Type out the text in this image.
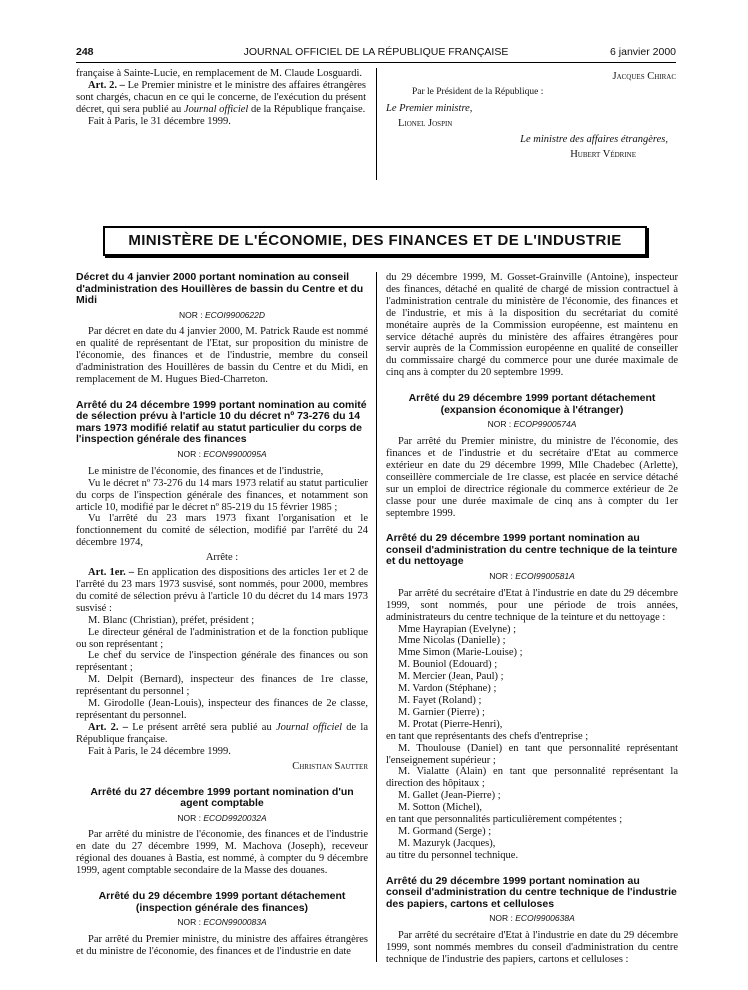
248	JOURNAL OFFICIEL DE LA RÉPUBLIQUE FRANÇAISE	6 janvier 2000

française à Sainte-Lucie, en remplacement de M. Claude Losguardi.

Art. 2. – Le Premier ministre et le ministre des affaires étrangères sont chargés, chacun en ce qui le concerne, de l'exécution du présent décret, qui sera publié au Journal officiel de la République française.

Fait à Paris, le 31 décembre 1999.

Jacques Chirac
Par le Président de la République :
Le Premier ministre,
Lionel Jospin
Le ministre des affaires étrangères,
Hubert Védrine
MINISTÈRE DE L'ÉCONOMIE, DES FINANCES ET DE L'INDUSTRIE
Décret du 4 janvier 2000 portant nomination au conseil d'administration des Houillères de bassin du Centre et du Midi
NOR : ECOI9900622D

Par décret en date du 4 janvier 2000, M. Patrick Raude est nommé en qualité de représentant de l'Etat, sur proposition du ministre de l'économie, des finances et de l'industrie, membre du conseil d'administration des Houillères de bassin du Centre et du Midi, en remplacement de M. Hugues Bied-Charreton.

Arrêté du 24 décembre 1999 portant nomination au comité de sélection prévu à l'article 10 du décret nº 73-276 du 14 mars 1973 modifié relatif au statut particulier du corps de l'inspection générale des finances
NOR : ECON9900095A

Le ministre de l'économie, des finances et de l'industrie,

Vu le décret nº 73-276 du 14 mars 1973 relatif au statut particulier du corps de l'inspection générale des finances, et notamment son article 10, modifié par le décret nº 85-219 du 15 février 1985 ;

Vu l'arrêté du 23 mars 1973 fixant l'organisation et le fonctionnement du comité de sélection, modifié par l'arrêté du 24 décembre 1974,

Arrête :

Art. 1er. – En application des dispositions des articles 1er et 2 de l'arrêté du 23 mars 1973 susvisé, sont nommés, pour 2000, membres du comité de sélection prévu à l'article 10 du décret du 14 mars 1973 susvisé :

M. Blanc (Christian), préfet, président ;

Le directeur général de l'administration et de la fonction publique ou son représentant ;

Le chef du service de l'inspection générale des finances ou son représentant ;

M. Delpit (Bernard), inspecteur des finances de 1re classe, représentant du personnel ;

M. Girodolle (Jean-Louis), inspecteur des finances de 2e classe, représentant du personnel.

Art. 2. – Le présent arrêté sera publié au Journal officiel de la République française.

Fait à Paris, le 24 décembre 1999.

Christian Sautter
Arrêté du 27 décembre 1999 portant nomination d'un agent comptable
NOR : ECOD9920032A

Par arrêté du ministre de l'économie, des finances et de l'industrie en date du 27 décembre 1999, M. Machova (Joseph), receveur régional des douanes à Bastia, est nommé, à compter du 9 décembre 1999, agent comptable secondaire de la Masse des douanes.

Arrêté du 29 décembre 1999 portant détachement (inspection générale des finances)
NOR : ECON9900083A

Par arrêté du Premier ministre, du ministre des affaires étrangères et du ministre de l'économie, des finances et de l'industrie en date

du 29 décembre 1999, M. Gosset-Grainville (Antoine), inspecteur des finances, détaché en qualité de chargé de mission contractuel à l'administration centrale du ministère de l'économie, des finances et de l'industrie, et mis à la disposition du secrétariat du comité monétaire auprès de la Commission européenne, est maintenu en service détaché auprès du ministère des affaires étrangères pour servir auprès de la Commission européenne en qualité de conseiller du commissaire chargé du commerce pour une durée maximale de cinq ans à compter du 20 septembre 1999.

Arrêté du 29 décembre 1999 portant détachement (expansion économique à l'étranger)
NOR : ECOP9900574A

Par arrêté du Premier ministre, du ministre de l'économie, des finances et de l'industrie et du secrétaire d'Etat au commerce extérieur en date du 29 décembre 1999, Mlle Chadebec (Arlette), conseillère commerciale de 1re classe, est placée en service détaché sur un emploi de directrice régionale du commerce extérieur de 2e classe pour une durée maximale de cinq ans à compter du 1er septembre 1999.

Arrêté du 29 décembre 1999 portant nomination au conseil d'administration du centre technique de la teinture et du nettoyage
NOR : ECOI9900581A

Par arrêté du secrétaire d'Etat à l'industrie en date du 29 décembre 1999, sont nommés, pour une période de trois années, administrateurs du centre technique de la teinture et du nettoyage :

Mme Hayrapian (Evelyne) ;
Mme Nicolas (Danielle) ;
Mme Simon (Marie-Louise) ;
M. Bouniol (Edouard) ;
M. Mercier (Jean, Paul) ;
M. Vardon (Stéphane) ;
M. Fayet (Roland) ;
M. Garnier (Pierre) ;
M. Protat (Pierre-Henri),

en tant que représentants des chefs d'entreprise ;

M. Thoulouse (Daniel) en tant que personnalité représentant l'enseignement supérieur ;

M. Vialatte (Alain) en tant que personnalité représentant la direction des hôpitaux ;

M. Gallet (Jean-Pierre) ;
M. Sotton (Michel),

en tant que personnalités particulièrement compétentes ;

M. Gormand (Serge) ;
M. Mazuryk (Jacques),

au titre du personnel technique.

Arrêté du 29 décembre 1999 portant nomination au conseil d'administration du centre technique de l'industrie des papiers, cartons et celluloses
NOR : ECOI9900638A

Par arrêté du secrétaire d'Etat à l'industrie en date du 29 décembre 1999, sont nommés membres du conseil d'administration du centre technique de l'industrie des papiers, cartons et celluloses :
